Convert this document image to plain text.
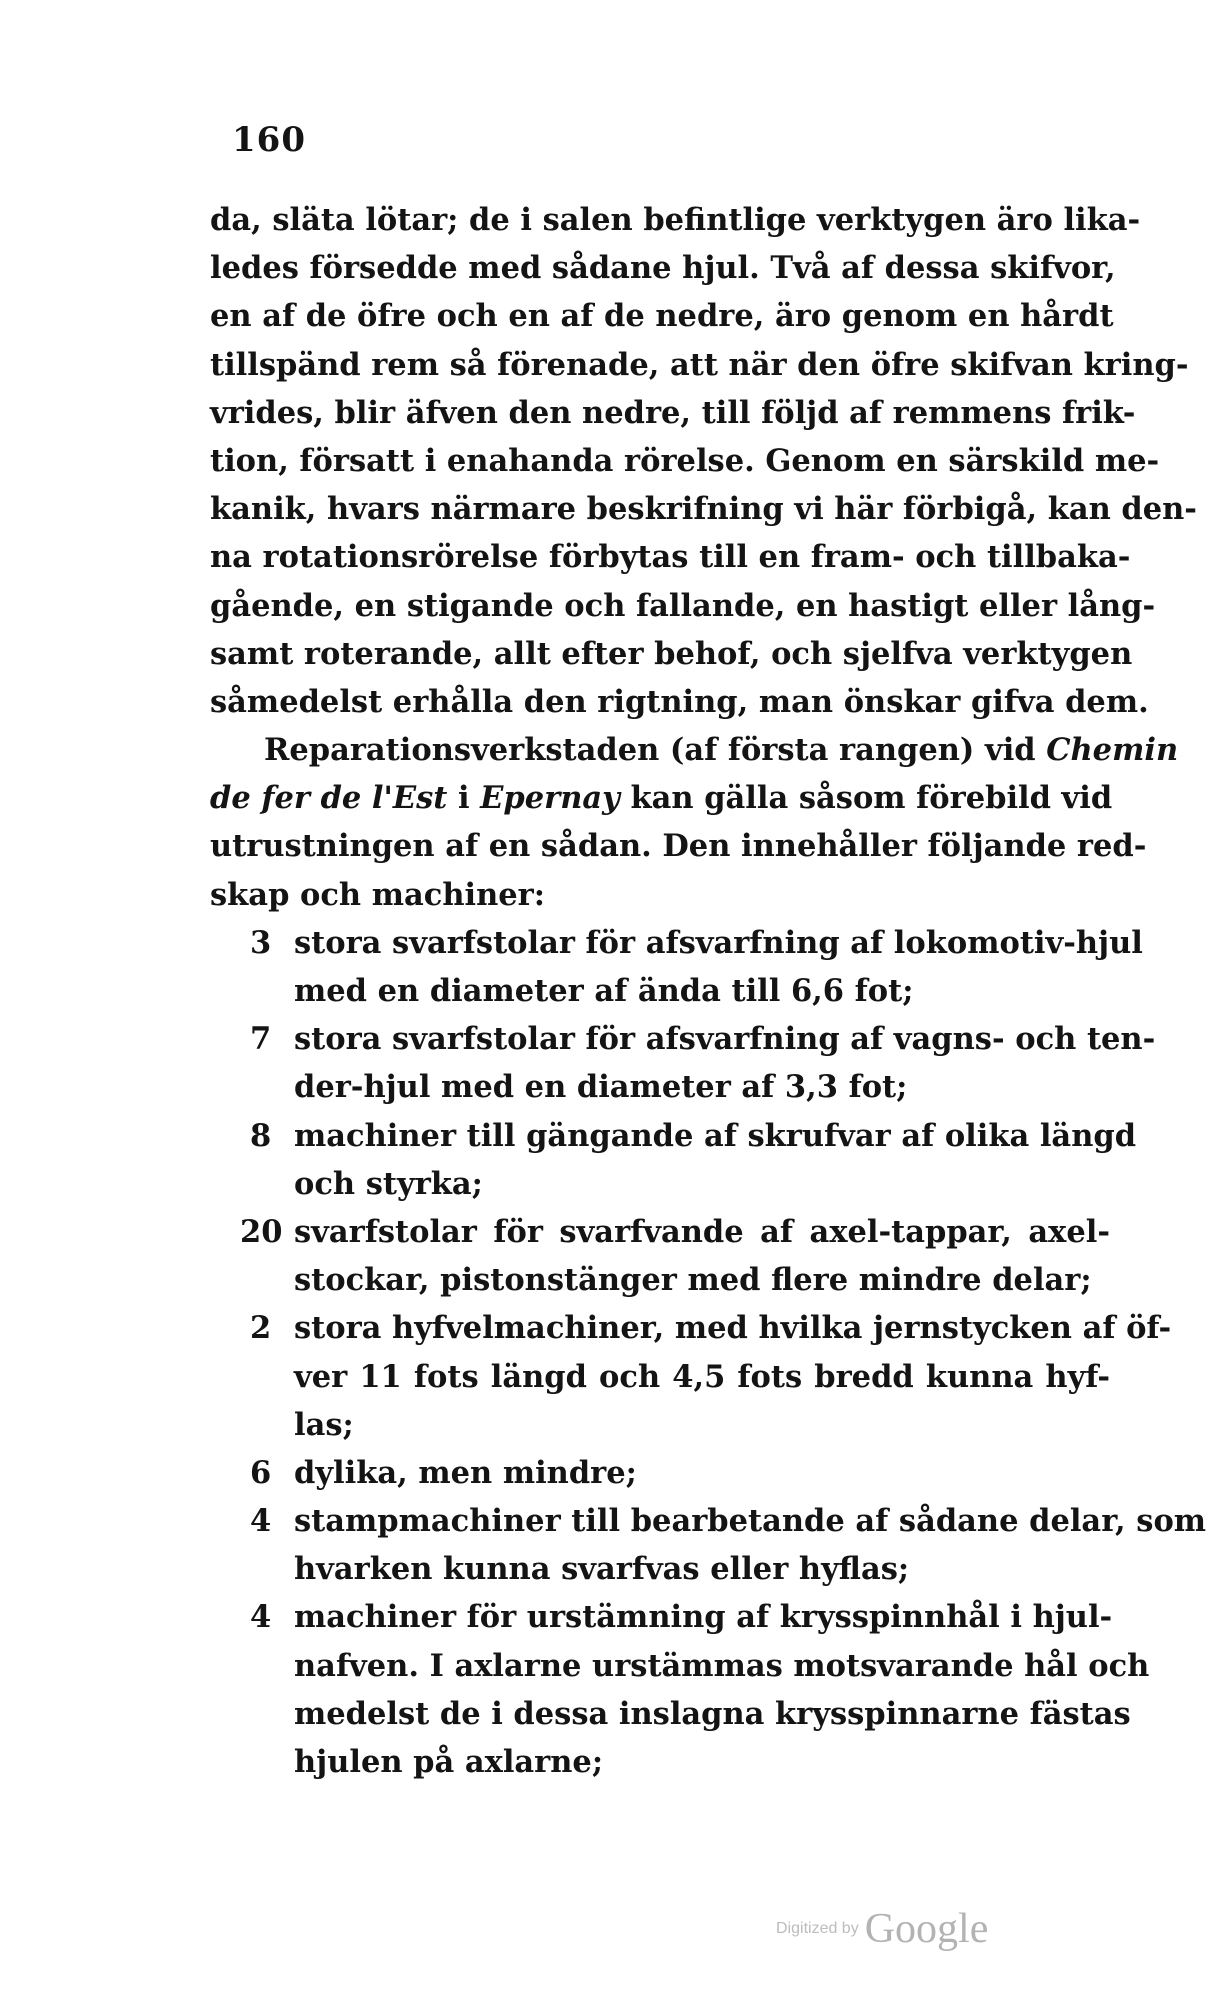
160
da, släta lötar; de i salen befintlige verktygen äro lika-
ledes försedde med sådane hjul. Två af dessa skifvor,
en af de öfre och en af de nedre, äro genom en hårdt
tillspänd rem så förenade, att när den öfre skifvan kring-
vrides, blir äfven den nedre, till följd af remmens frik-
tion, försatt i enahanda rörelse. Genom en särskild me-
kanik, hvars närmare beskrifning vi här förbigå, kan den-
na rotationsrörelse förbytas till en fram- och tillbaka-
gående, en stigande och fallande, en hastigt eller lång-
samt roterande, allt efter behof, och sjelfva verktygen
såmedelst erhålla den rigtning, man önskar gifva dem.
Reparationsverkstaden (af första rangen) vid Chemin
de fer de l'Est i Epernay kan gälla såsom förebild vid
utrustningen af en sådan. Den innehåller följande red-
skap och machiner:
3 stora svarfstolar för afsvarfning af lokomotiv-hjul
med en diameter af ända till 6,6 fot;
7 stora svarfstolar för afsvarfning af vagns- och ten-
der-hjul med en diameter af 3,3 fot;
8 machiner till gängande af skrufvar af olika längd
och styrka;
20 svarfstolar för svarfvande af axel-tappar, axel-
stockar, pistonstänger med flere mindre delar;
2 stora hyfvelmachiner, med hvilka jernstycken af öf-
ver 11 fots längd och 4,5 fots bredd kunna hyf-
las;
6 dylika, men mindre;
4 stampmachiner till bearbetande af sådane delar, som
hvarken kunna svarfvas eller hyflas;
4 machiner för urstämning af krysspinnhål i hjul-
nafven. I axlarne urstämmas motsvarande hål och
medelst de i dessa inslagna krysspinnarne fästas
hjulen på axlarne;
Digitized by Google
